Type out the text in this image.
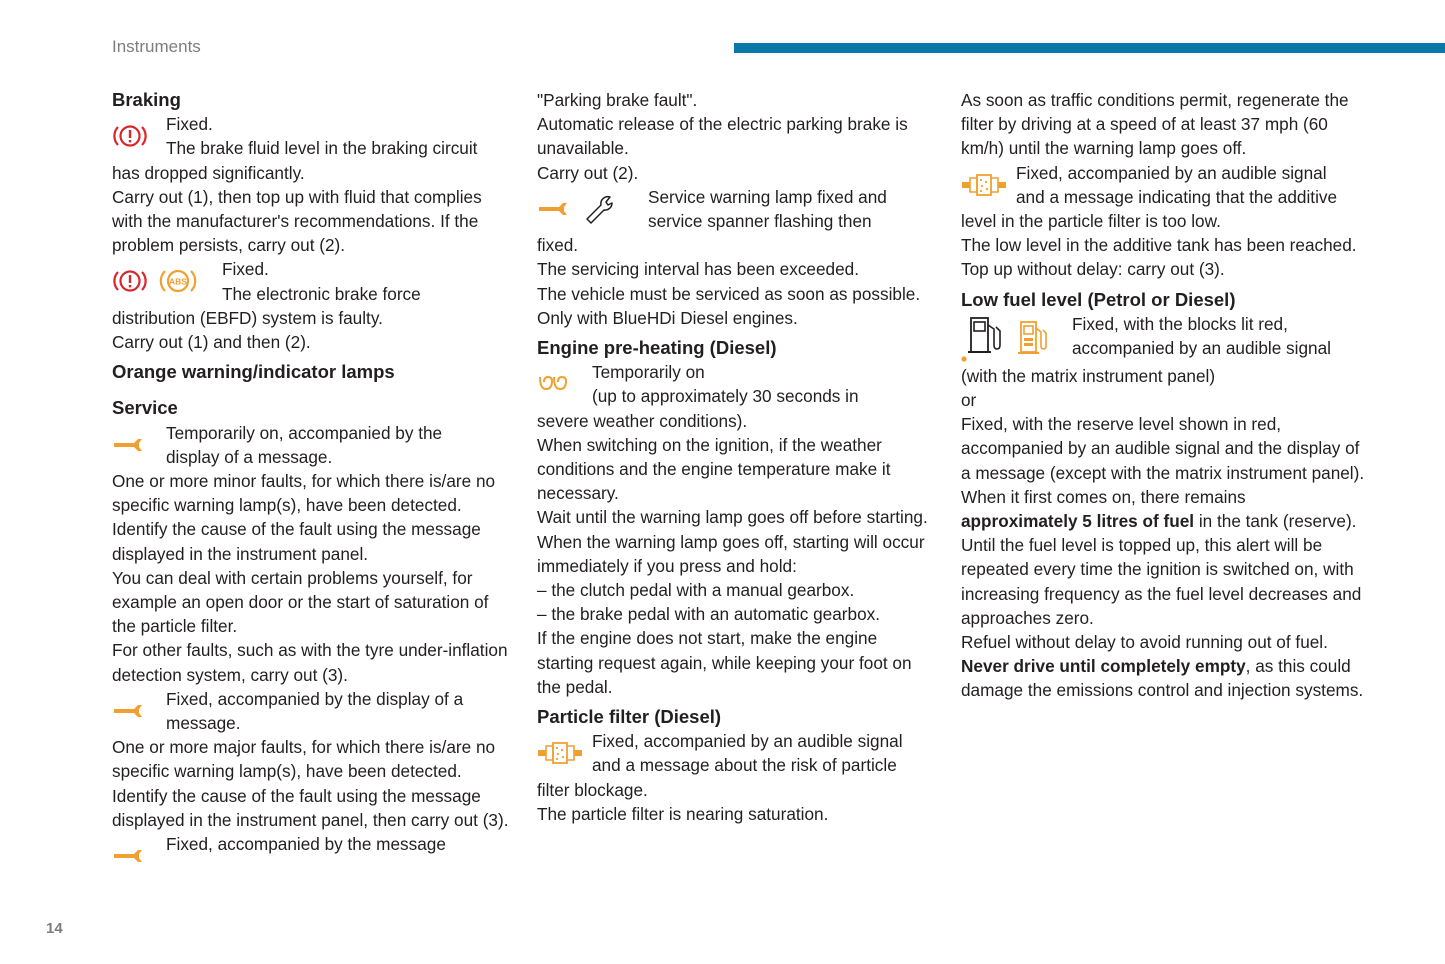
Instruments
14
Braking

Fixed.

The brake fluid level in the braking circuit

has dropped significantly.

Carry out (1), then top up with fluid that complies with the manufacturer's recommendations. If the problem persists, carry out (2).

ABS

Fixed.

The electronic brake force

distribution (EBFD) system is faulty.

Carry out (1) and then (2).

Orange warning/indicator lamps
Service

Temporarily on, accompanied by the

display of a message.

One or more minor faults, for which there is/are no specific warning lamp(s), have been detected.

Identify the cause of the fault using the message displayed in the instrument panel.

You can deal with certain problems yourself, for example an open door or the start of saturation of the particle filter.

For other faults, such as with the tyre under-inflation detection system, carry out (3).

Fixed, accompanied by the display of a

message.

One or more major faults, for which there is/are no specific warning lamp(s), have been detected.

Identify the cause of the fault using the message displayed in the instrument panel, then carry out (3).

Fixed, accompanied by the message

"Parking brake fault".

Automatic release of the electric parking brake is unavailable.

Carry out (2).

Service warning lamp fixed and

service spanner flashing then

fixed.

The servicing interval has been exceeded.

The vehicle must be serviced as soon as possible.

Only with BlueHDi Diesel engines.

Engine pre-heating (Diesel)

Temporarily on

(up to approximately 30 seconds in

severe weather conditions).

When switching on the ignition, if the weather conditions and the engine temperature make it necessary.

Wait until the warning lamp goes off before starting.

When the warning lamp goes off, starting will occur immediately if you press and hold:

– the clutch pedal with a manual gearbox.

– the brake pedal with an automatic gearbox.

If the engine does not start, make the engine starting request again, while keeping your foot on the pedal.

Particle filter (Diesel)

Fixed, accompanied by an audible signal

and a message about the risk of particle

filter blockage.

The particle filter is nearing saturation.

As soon as traffic conditions permit, regenerate the filter by driving at a speed of at least 37 mph (60 km/h) until the warning lamp goes off.

Fixed, accompanied by an audible signal

and a message indicating that the additive

level in the particle filter is too low.

The low level in the additive tank has been reached.

Top up without delay: carry out (3).

Low fuel level (Petrol or Diesel)

Fixed, with the blocks lit red,

accompanied by an audible signal

(with the matrix instrument panel)

or

Fixed, with the reserve level shown in red, accompanied by an audible signal and the display of a message (except with the matrix instrument panel).

When it first comes on, there remains

approximately 5 litres of fuel in the tank (reserve).

Until the fuel level is topped up, this alert will be repeated every time the ignition is switched on, with increasing frequency as the fuel level decreases and approaches zero.

Refuel without delay to avoid running out of fuel.

Never drive until completely empty, as this could damage the emissions control and injection systems.
